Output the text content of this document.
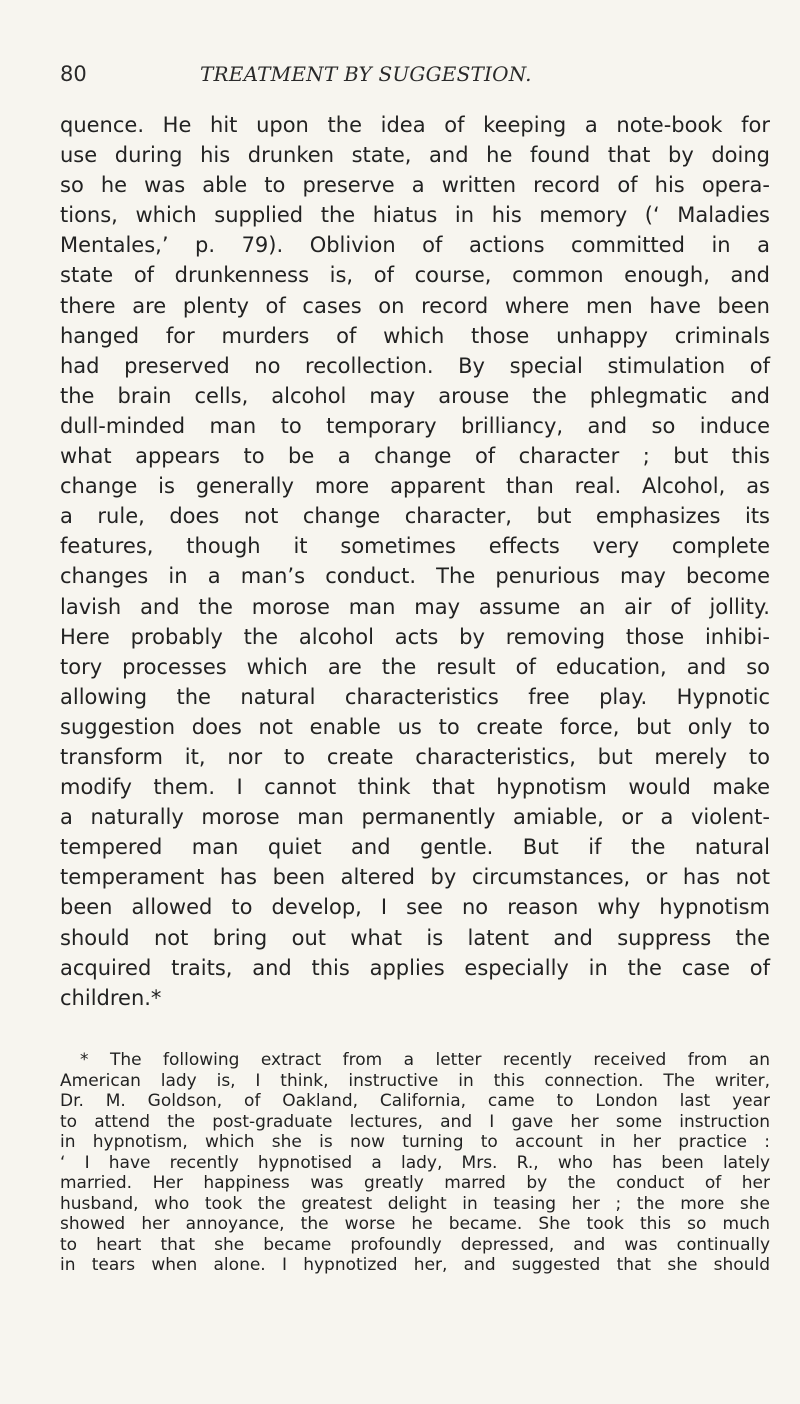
80	TREATMENT BY SUGGESTION.
quence. He hit upon the idea of keeping a note-book for
use during his drunken state, and he found that by doing
so he was able to preserve a written record of his opera-
tions, which supplied the hiatus in his memory (‘ Maladies
Mentales,’ p. 79). Oblivion of actions committed in a
state of drunkenness is, of course, common enough, and
there are plenty of cases on record where men have been
hanged for murders of which those unhappy criminals
had preserved no recollection. By special stimulation of
the brain cells, alcohol may arouse the phlegmatic and
dull-minded man to temporary brilliancy, and so induce
what appears to be a change of character ; but this
change is generally more apparent than real. Alcohol, as
a rule, does not change character, but emphasizes its
features, though it sometimes effects very complete
changes in a man’s conduct. The penurious may become
lavish and the morose man may assume an air of jollity.
Here probably the alcohol acts by removing those inhibi-
tory processes which are the result of education, and so
allowing the natural characteristics free play. Hypnotic
suggestion does not enable us to create force, but only to
transform it, nor to create characteristics, but merely to
modify them. I cannot think that hypnotism would make
a naturally morose man permanently amiable, or a violent-
tempered man quiet and gentle. But if the natural
temperament has been altered by circumstances, or has not
been allowed to develop, I see no reason why hypnotism
should not bring out what is latent and suppress the
acquired traits, and this applies especially in the case of
children.*
* The following extract from a letter recently received from an
American lady is, I think, instructive in this connection. The writer,
Dr. M. Goldson, of Oakland, California, came to London last year
to attend the post-graduate lectures, and I gave her some instruction
in hypnotism, which she is now turning to account in her practice :
‘ I have recently hypnotised a lady, Mrs. R., who has been lately
married. Her happiness was greatly marred by the conduct of her
husband, who took the greatest delight in teasing her ; the more she
showed her annoyance, the worse he became. She took this so much
to heart that she became profoundly depressed, and was continually
in tears when alone. I hypnotized her, and suggested that she should
